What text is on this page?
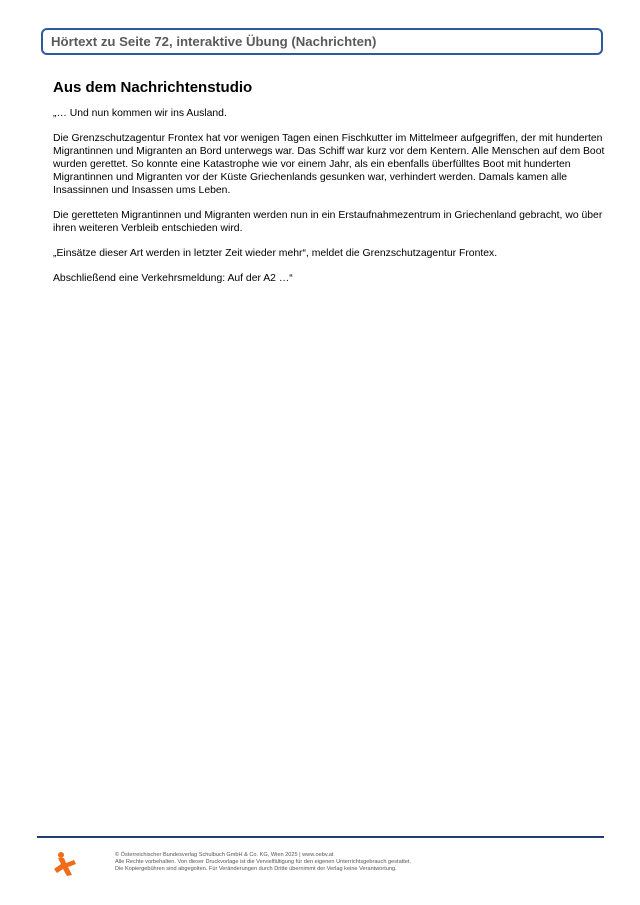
Hörtext zu Seite 72, interaktive Übung (Nachrichten)
Aus dem Nachrichtenstudio

„… Und nun kommen wir ins Ausland.

Die Grenzschutzagentur Frontex hat vor wenigen Tagen einen Fischkutter im Mittelmeer aufgegriffen, der mit hunderten Migrantinnen und Migranten an Bord unterwegs war. Das Schiff war kurz vor dem Kentern. Alle Menschen auf dem Boot wurden gerettet. So konnte eine Katastrophe wie vor einem Jahr, als ein ebenfalls überfülltes Boot mit hunderten Migrantinnen und Migranten vor der Küste Griechenlands gesunken war, verhindert werden. Damals kamen alle Insassinnen und Insassen ums Leben.

Die geretteten Migrantinnen und Migranten werden nun in ein Erstaufnahmezentrum in Griechenland gebracht, wo über ihren weiteren Verbleib entschieden wird.

„Einsätze dieser Art werden in letzter Zeit wieder mehr“, meldet die Grenzschutzagentur Frontex.

Abschließend eine Verkehrsmeldung: Auf der A2 …“

© Österreichischer Bundesverlag Schulbuch GmbH & Co. KG, Wien 2025 | www.oebv.at
Alle Rechte vorbehalten. Von dieser Druckvorlage ist die Vervielfältigung für den eigenen Unterrichtsgebrauch gestattet.
Die Kopiergebühren sind abgegolten. Für Veränderungen durch Dritte übernimmt der Verlag keine Verantwortung.
